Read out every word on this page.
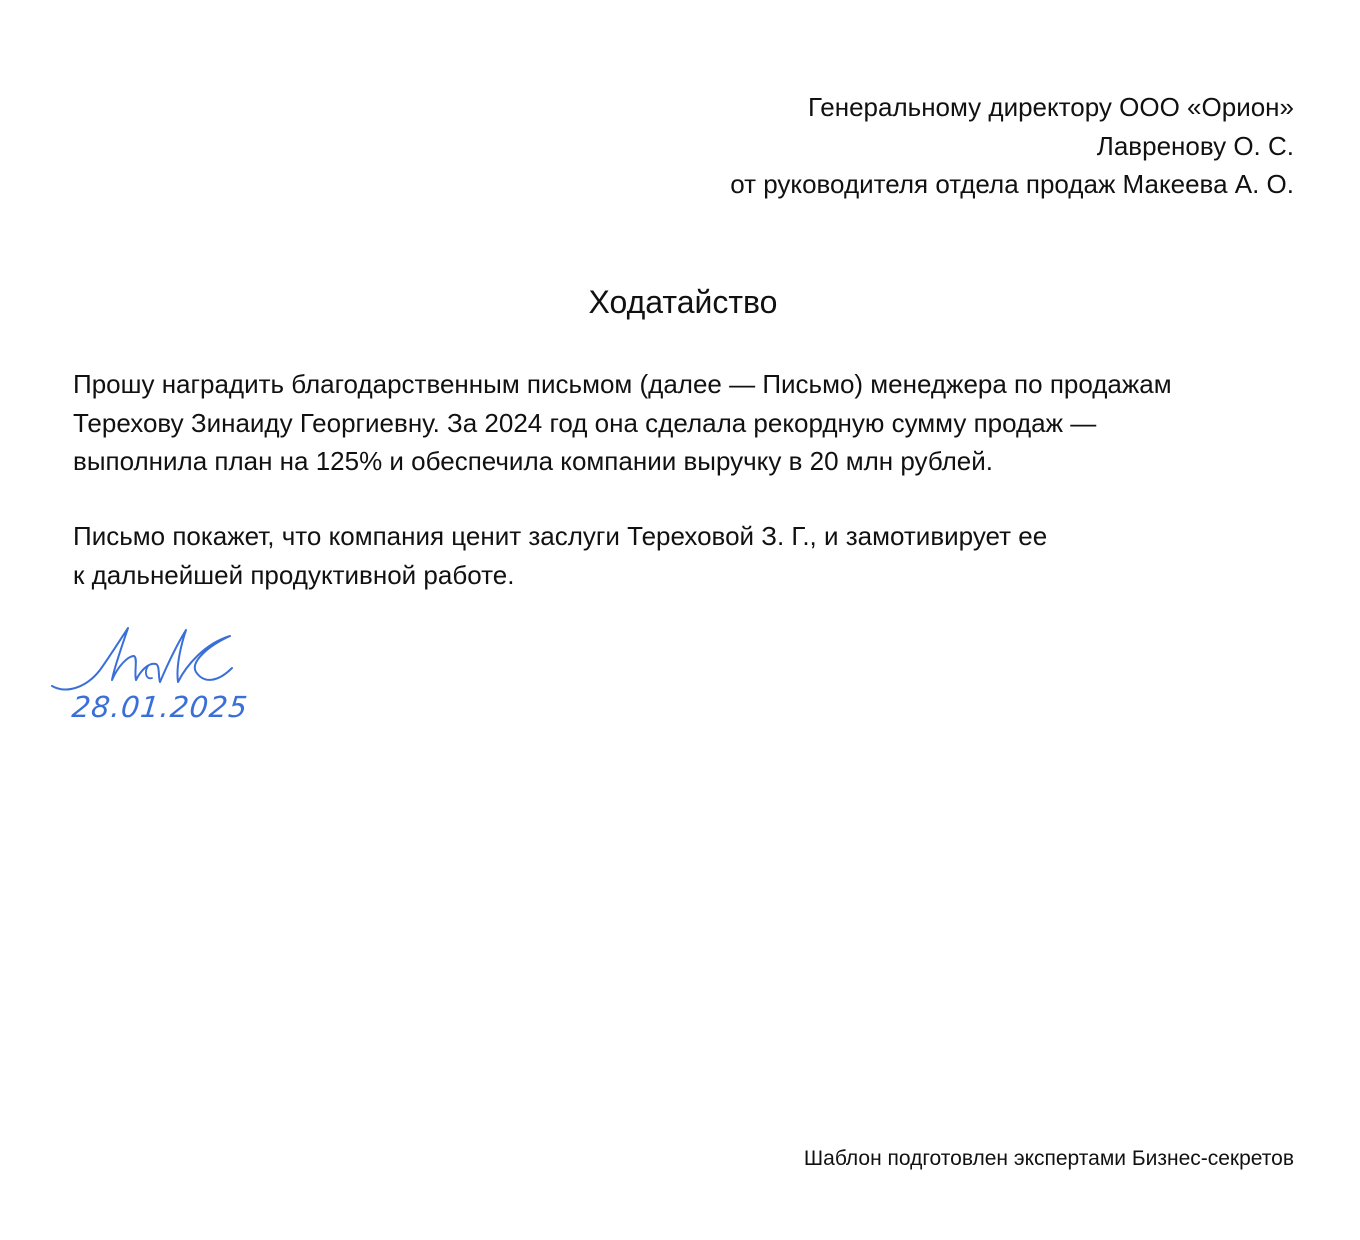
Генеральному директору ООО «Орион»
Лавренову О. С.
от руководителя отдела продаж Макеева А. О.
Ходатайство
Прошу наградить благодарственным письмом (далее — Письмо) менеджера по продажам
Терехову Зинаиду Георгиевну. За 2024 год она сделала рекордную сумму продаж —
выполнила план на 125% и обеспечила компании выручку в 20 млн рублей.
Письмо покажет, что компания ценит заслуги Тереховой З. Г., и замотивирует ее
к дальнейшей продуктивной работе.
28.01.2025
Шаблон подготовлен экспертами Бизнес-секретов
